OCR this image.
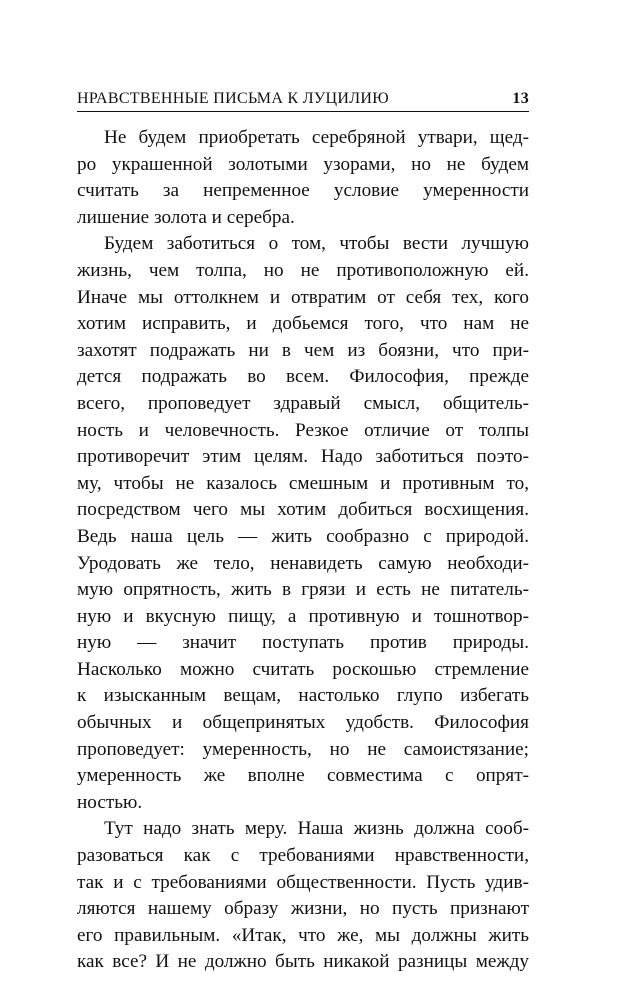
НРАВСТВЕННЫЕ ПИСЬМА К ЛУЦИЛИЮ	13
Не будем приобретать серебряной утвари, щед-
ро украшенной золотыми узорами, но не будем
считать за непременное условие умеренности
лишение золота и серебра.
Будем заботиться о том, чтобы вести лучшую
жизнь, чем толпа, но не противоположную ей.
Иначе мы оттолкнем и отвратим от себя тех, кого
хотим исправить, и добьемся того, что нам не
захотят подражать ни в чем из боязни, что при-
дется подражать во всем. Философия, прежде
всего, проповедует здравый смысл, общитель-
ность и человечность. Резкое отличие от толпы
противоречит этим целям. Надо заботиться поэто-
му, чтобы не казалось смешным и противным то,
посредством чего мы хотим добиться восхищения.
Ведь наша цель — жить сообразно с природой.
Уродовать же тело, ненавидеть самую необходи-
мую опрятность, жить в грязи и есть не питатель-
ную и вкусную пищу, а противную и тошнотвор-
ную — значит поступать против природы.
Насколько можно считать роскошью стремление
к изысканным вещам, настолько глупо избегать
обычных и общепринятых удобств. Философия
проповедует: умеренность, но не самоистязание;
умеренность же вполне совместима с опрят-
ностью.
Тут надо знать меру. Наша жизнь должна сооб-
разоваться как с требованиями нравственности,
так и с требованиями общественности. Пусть удив-
ляются нашему образу жизни, но пусть признают
его правильным. «Итак, что же, мы должны жить
как все? И не должно быть никакой разницы между
